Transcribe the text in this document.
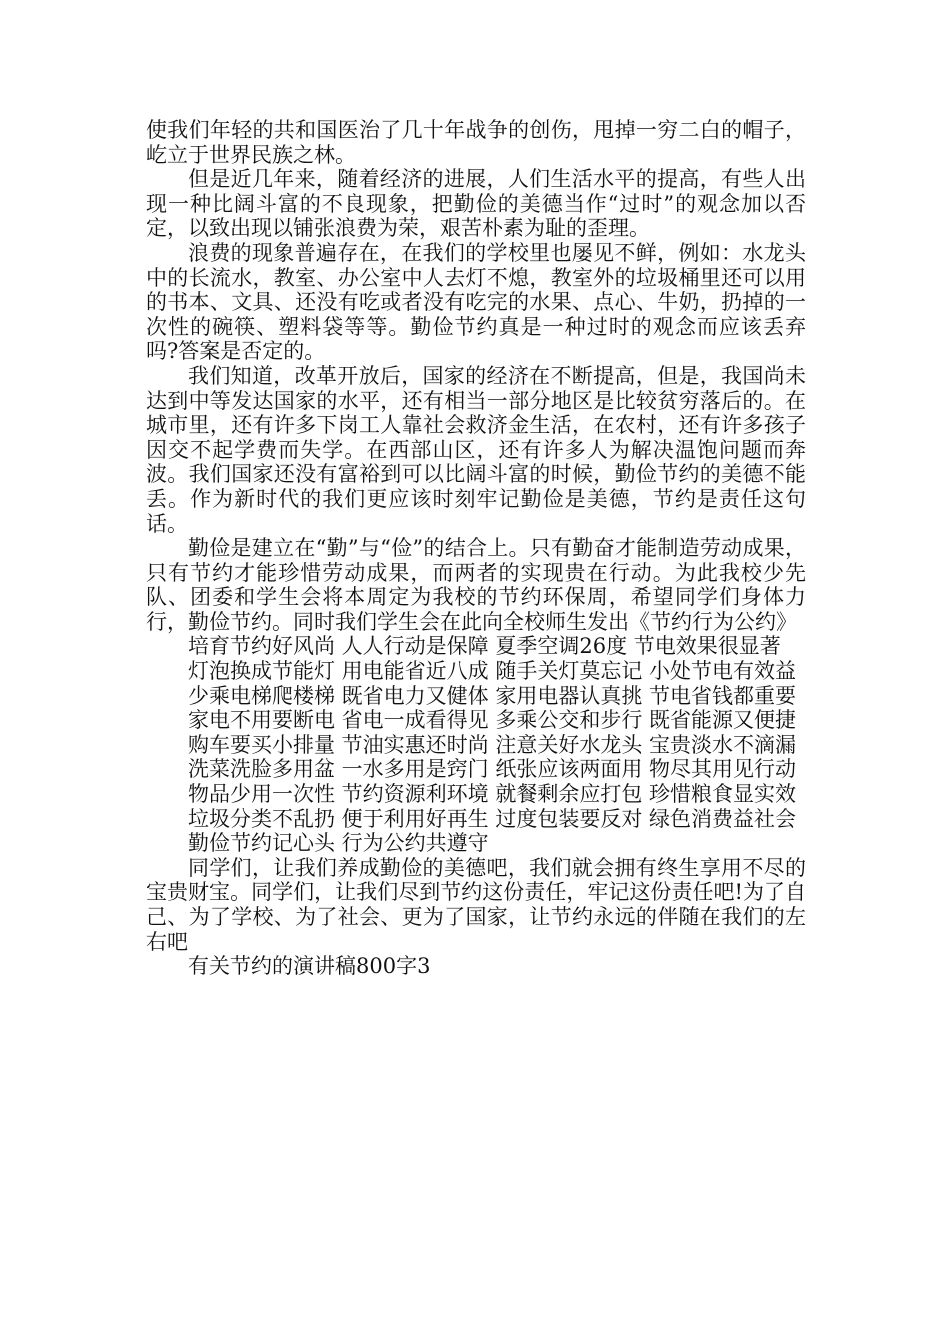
使我们年轻的共和国医治了几十年战争的创伤，甩掉一穷二白的帽子，屹立于世界民族之林。

但是近几年来，随着经济的进展，人们生活水平的提高，有些人出现一种比阔斗富的不良现象，把勤俭的美德当作“过时”的观念加以否定，以致出现以铺张浪费为荣，艰苦朴素为耻的歪理。

浪费的现象普遍存在，在我们的学校里也屡见不鲜，例如：水龙头中的长流水，教室、办公室中人去灯不熄，教室外的垃圾桶里还可以用的书本、文具、还没有吃或者没有吃完的水果、点心、牛奶，扔掉的一次性的碗筷、塑料袋等等。勤俭节约真是一种过时的观念而应该丢弃吗?答案是否定的。

我们知道，改革开放后，国家的经济在不断提高，但是，我国尚未达到中等发达国家的水平，还有相当一部分地区是比较贫穷落后的。在城市里，还有许多下岗工人靠社会救济金生活，在农村，还有许多孩子因交不起学费而失学。在西部山区，还有许多人为解决温饱问题而奔波。我们国家还没有富裕到可以比阔斗富的时候，勤俭节约的美德不能丢。作为新时代的我们更应该时刻牢记勤俭是美德，节约是责任这句话。

勤俭是建立在“勤”与“俭”的结合上。只有勤奋才能制造劳动成果，只有节约才能珍惜劳动成果，而两者的实现贵在行动。为此我校少先队、团委和学生会将本周定为我校的节约环保周，希望同学们身体力行，勤俭节约。同时我们学生会在此向全校师生发出《节约行为公约》

培育节约好风尚 人人行动是保障 夏季空调26度 节电效果很显著

灯泡换成节能灯 用电能省近八成 随手关灯莫忘记 小处节电有效益

少乘电梯爬楼梯 既省电力又健体 家用电器认真挑 节电省钱都重要

家电不用要断电 省电一成看得见 多乘公交和步行 既省能源又便捷

购车要买小排量 节油实惠还时尚 注意关好水龙头 宝贵淡水不滴漏

洗菜洗脸多用盆 一水多用是窍门 纸张应该两面用 物尽其用见行动

物品少用一次性 节约资源利环境 就餐剩余应打包 珍惜粮食显实效

垃圾分类不乱扔 便于利用好再生 过度包装要反对 绿色消费益社会

勤俭节约记心头 行为公约共遵守

同学们，让我们养成勤俭的美德吧，我们就会拥有终生享用不尽的宝贵财宝。同学们，让我们尽到节约这份责任，牢记这份责任吧!为了自己、为了学校、为了社会、更为了国家，让节约永远的伴随在我们的左右吧

有关节约的演讲稿800字3
